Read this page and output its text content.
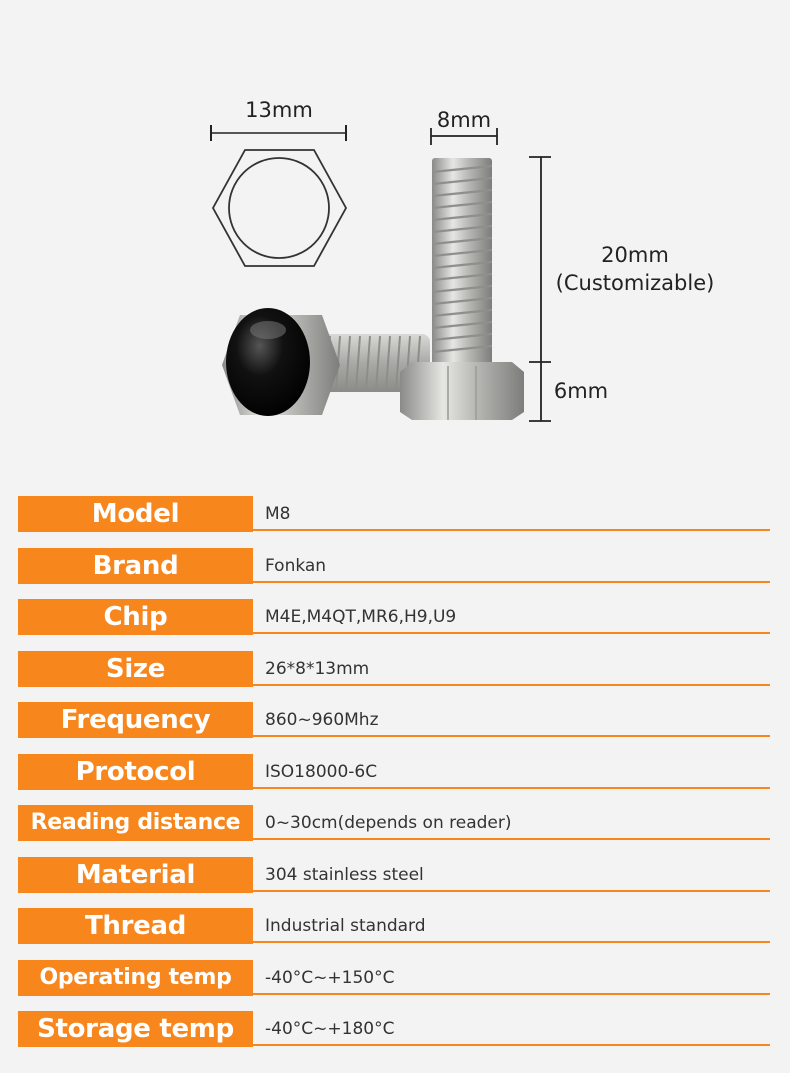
13mm	8mm
20mm
(Customizable)
6mm
Model	M8
Brand	Fonkan
Chip	M4E,M4QT,MR6,H9,U9
Size	26*8*13mm
Frequency	860~960Mhz
Protocol	ISO18000-6C
Reading distance	0~30cm(depends on reader)
Material	304 stainless steel
Thread	Industrial standard
Operating temp	-40°C~+150°C
Storage temp	-40°C~+180°C
